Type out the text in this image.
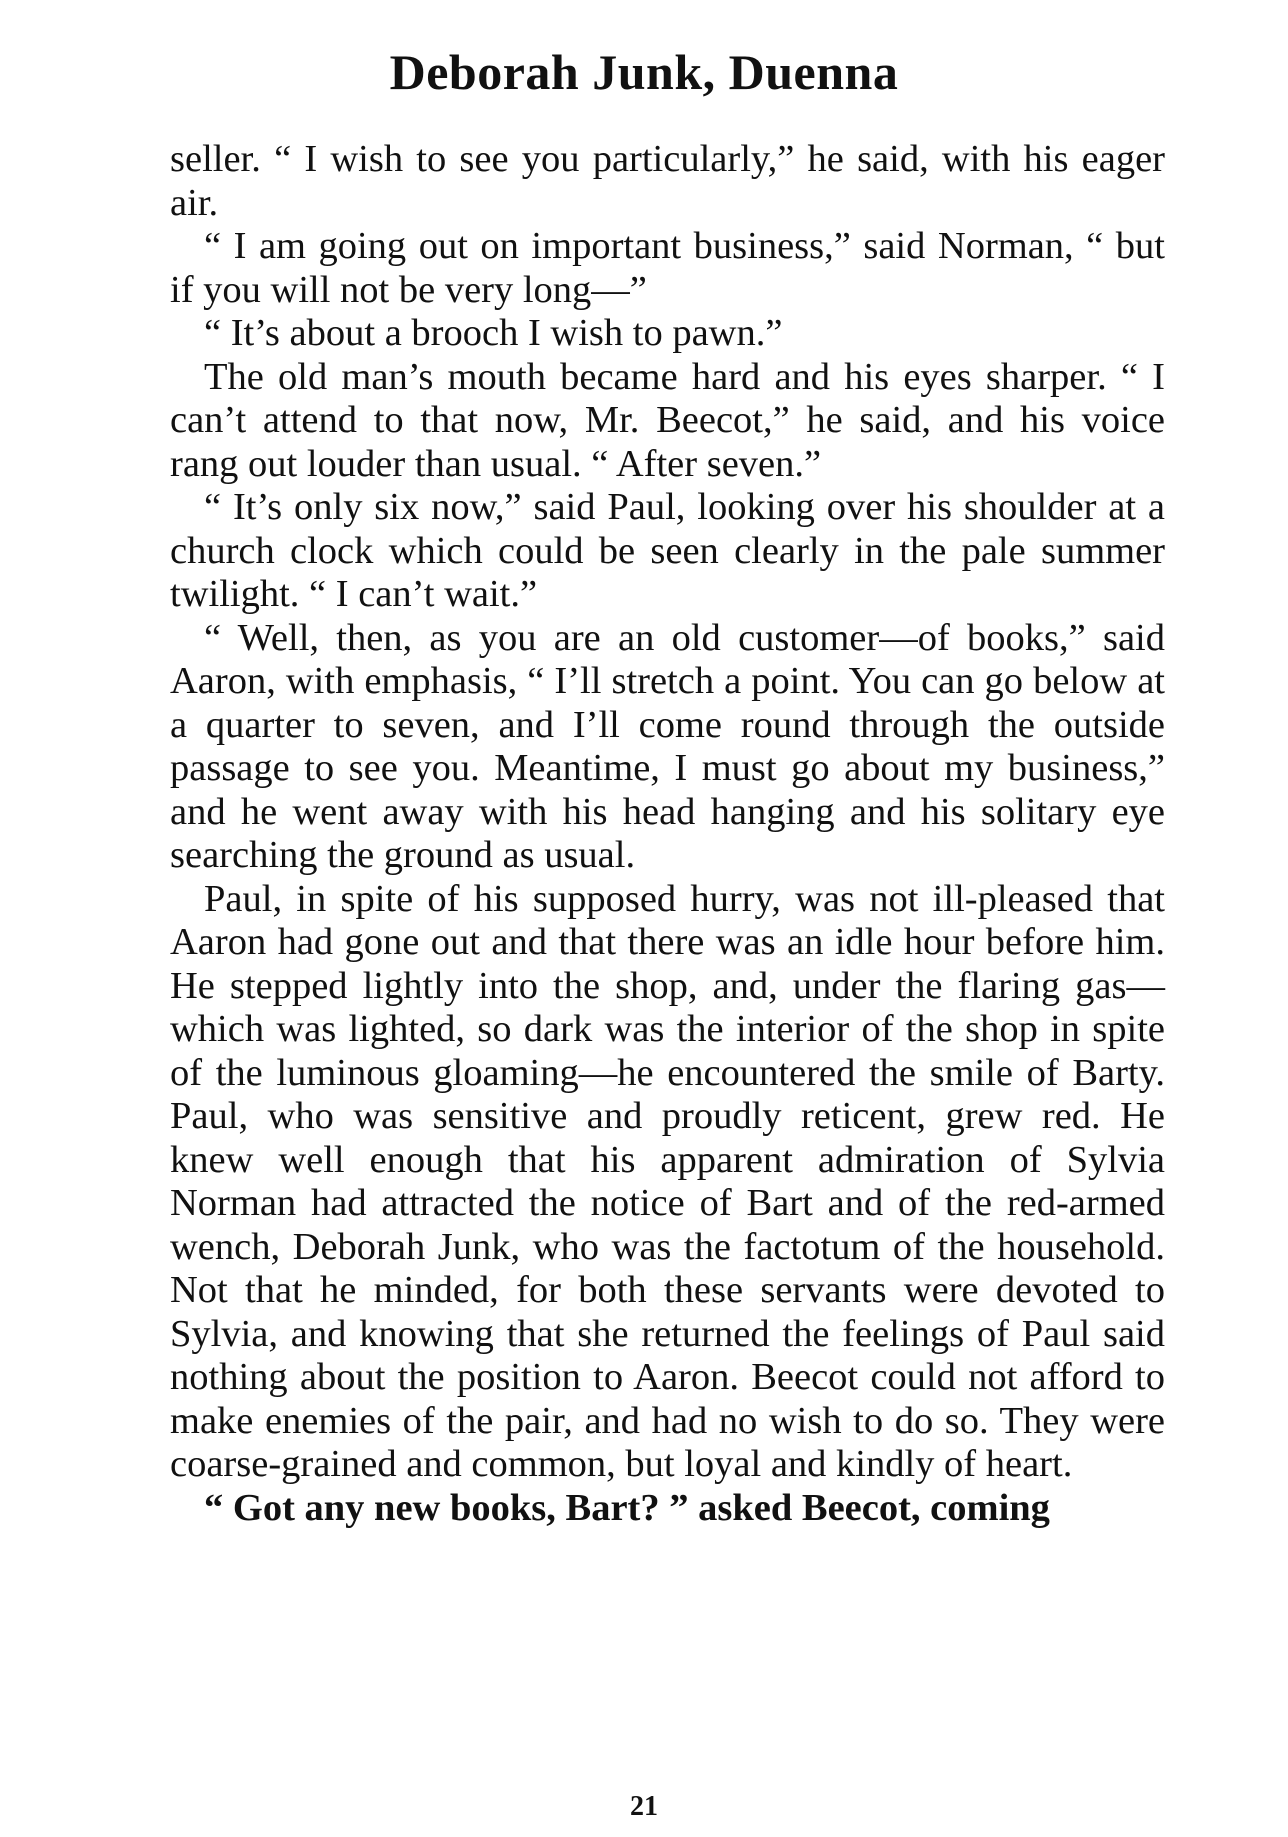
Deborah Junk, Duenna

seller. “ I wish to see you particularly,” he said, with his eager air.

“ I am going out on important business,” said Norman, “ but if you will not be very long—”

“ It’s about a brooch I wish to pawn.”

The old man’s mouth became hard and his eyes sharper. “ I can’t attend to that now, Mr. Beecot,” he said, and his voice rang out louder than usual. “ After seven.”

“ It’s only six now,” said Paul, looking over his shoulder at a church clock which could be seen clearly in the pale summer twilight. “ I can’t wait.”

“ Well, then, as you are an old customer—of books,” said Aaron, with emphasis, “ I’ll stretch a point. You can go below at a quarter to seven, and I’ll come round through the outside passage to see you. Meantime, I must go about my business,” and he went away with his head hanging and his solitary eye searching the ground as usual.

Paul, in spite of his supposed hurry, was not ill-pleased that Aaron had gone out and that there was an idle hour before him. He stepped lightly into the shop, and, under the flaring gas—which was lighted, so dark was the interior of the shop in spite of the luminous gloaming—he encountered the smile of Barty. Paul, who was sensitive and proudly reticent, grew red. He knew well enough that his apparent admiration of Sylvia Norman had attracted the notice of Bart and of the red-armed wench, Deborah Junk, who was the factotum of the household. Not that he minded, for both these servants were devoted to Sylvia, and knowing that she returned the feelings of Paul said nothing about the position to Aaron. Beecot could not afford to make enemies of the pair, and had no wish to do so. They were coarse-grained and common, but loyal and kindly of heart.

“ Got any new books, Bart? ” asked Beecot, coming

21
